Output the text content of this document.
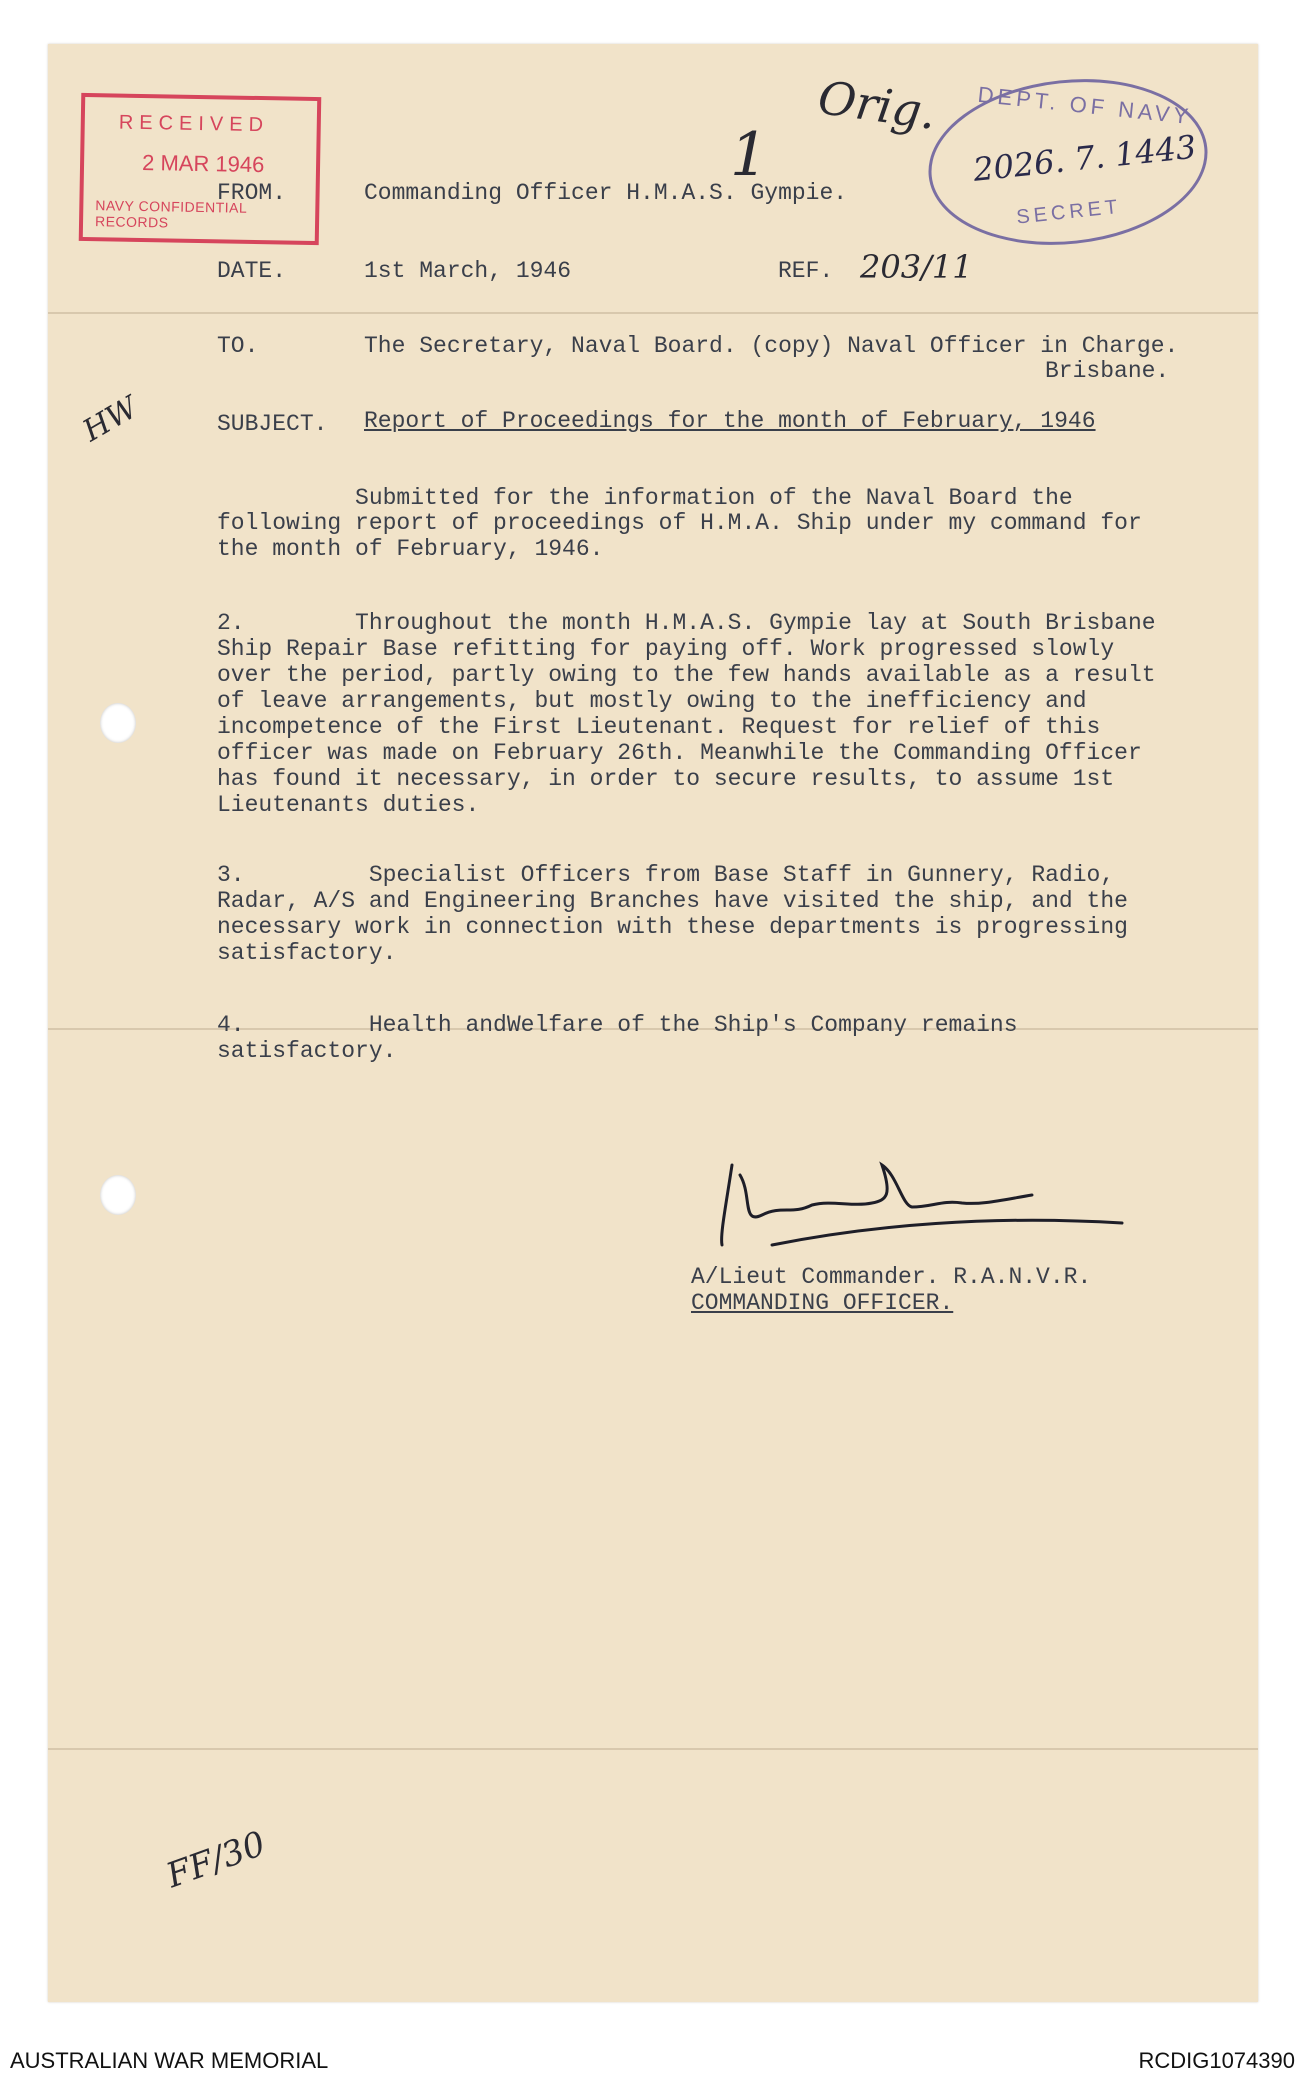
RECEIVED
2 MAR 1946
NAVY CONFIDENTIAL RECORDS
DEPT. OF NAVY
2026. 7. 1443
SECRET
Orig.
1
203/11
HW
FF/30
FROM.	Commanding Officer H.M.A.S. Gympie.
DATE.	1st March, 1946	REF.
TO.	The Secretary, Naval Board. (copy) Naval Officer in Charge.
Brisbane.
SUBJECT. Report of Proceedings for the month of February, 1946
Submitted for the information of the Naval Board the
following report of proceedings of H.M.A. Ship under my command for
the month of February, 1946.
2.        Throughout the month H.M.A.S. Gympie lay at South Brisbane
Ship Repair Base refitting for paying off. Work progressed slowly
over the period, partly owing to the few hands available as a result
of leave arrangements, but mostly owing to the inefficiency and
incompetence of the First Lieutenant. Request for relief of this
officer was made on February 26th. Meanwhile the Commanding Officer
has found it necessary, in order to secure results, to assume 1st
Lieutenants duties.
3.         Specialist Officers from Base Staff in Gunnery, Radio,
Radar, A/S and Engineering Branches have visited the ship, and the
necessary work in connection with these departments is progressing
satisfactory.
4.         Health andWelfare of the Ship's Company remains
satisfactory.
A/Lieut Commander. R.A.N.V.R.
COMMANDING OFFICER.
AUSTRALIAN WAR MEMORIAL	RCDIG1074390
